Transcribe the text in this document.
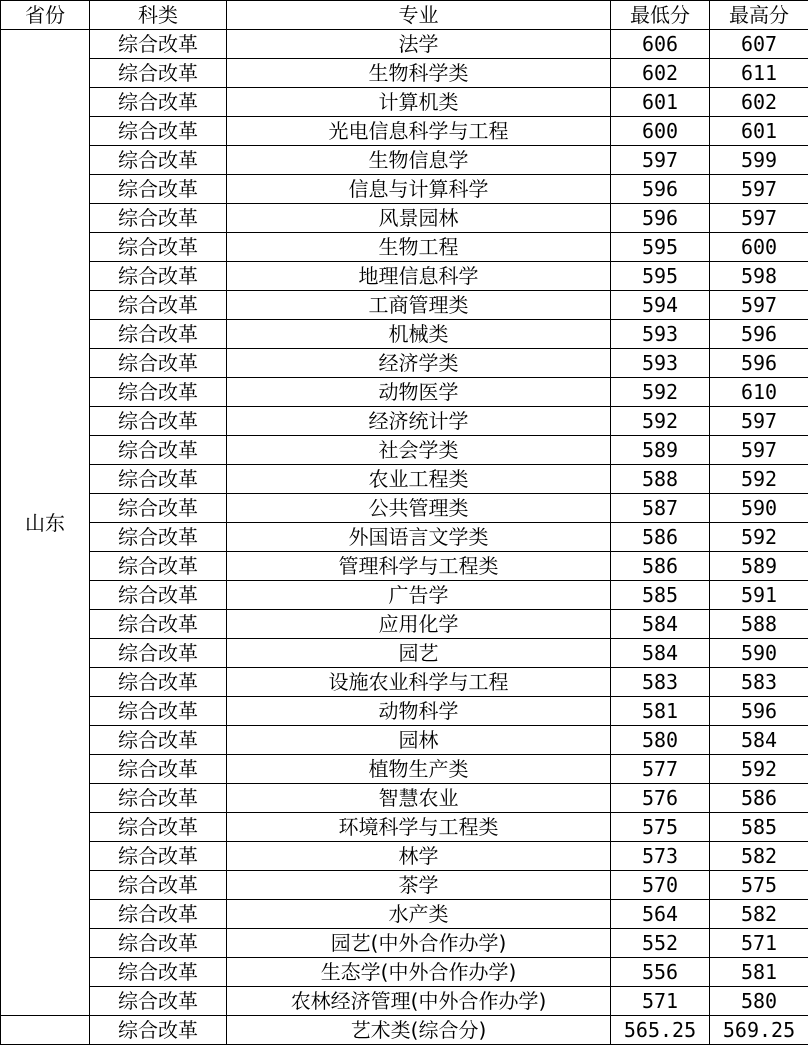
省份	科类	专业	最低分	最高分
山东	综合改革	法学	606	607
	综合改革	生物科学类	602	611
	综合改革	计算机类	601	602
	综合改革	光电信息科学与工程	600	601
	综合改革	生物信息学	597	599
	综合改革	信息与计算科学	596	597
	综合改革	风景园林	596	597
	综合改革	生物工程	595	600
	综合改革	地理信息科学	595	598
	综合改革	工商管理类	594	597
	综合改革	机械类	593	596
	综合改革	经济学类	593	596
	综合改革	动物医学	592	610
	综合改革	经济统计学	592	597
	综合改革	社会学类	589	597
	综合改革	农业工程类	588	592
	综合改革	公共管理类	587	590
	综合改革	外国语言文学类	586	592
	综合改革	管理科学与工程类	586	589
	综合改革	广告学	585	591
	综合改革	应用化学	584	588
	综合改革	园艺	584	590
	综合改革	设施农业科学与工程	583	583
	综合改革	动物科学	581	596
	综合改革	园林	580	584
	综合改革	植物生产类	577	592
	综合改革	智慧农业	576	586
	综合改革	环境科学与工程类	575	585
	综合改革	林学	573	582
	综合改革	茶学	570	575
	综合改革	水产类	564	582
	综合改革	园艺(中外合作办学)	552	571
	综合改革	生态学(中外合作办学)	556	581
	综合改革	农林经济管理(中外合作办学)	571	580
	综合改革	艺术类(综合分)	565.25	569.25
